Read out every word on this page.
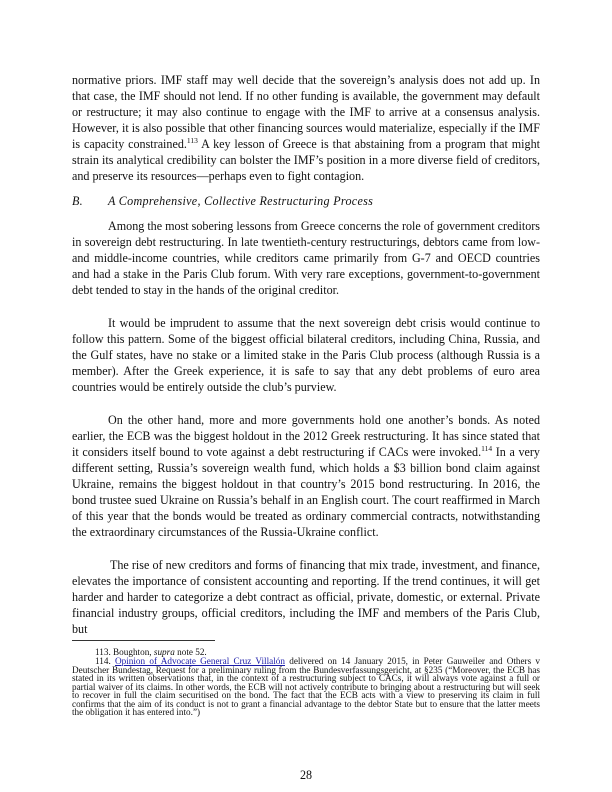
normative priors. IMF staff may well decide that the sovereign’s analysis does not add up. In that case, the IMF should not lend. If no other funding is available, the government may default or restructure; it may also continue to engage with the IMF to arrive at a consensus analysis. However, it is also possible that other financing sources would materialize, especially if the IMF is capacity constrained.$^{113}$ A key lesson of Greece is that abstaining from a program that might strain its analytical credibility can bolster the IMF’s position in a more diverse field of creditors, and preserve its resources—perhaps even to fight contagion.

B. A Comprehensive, Collective Restructuring Process

Among the most sobering lessons from Greece concerns the role of government creditors in sovereign debt restructuring. In late twentieth-century restructurings, debtors came from low- and middle-income countries, while creditors came primarily from G-7 and OECD countries and had a stake in the Paris Club forum. With very rare exceptions, government-to-government debt tended to stay in the hands of the original creditor.

It would be imprudent to assume that the next sovereign debt crisis would continue to follow this pattern. Some of the biggest official bilateral creditors, including China, Russia, and the Gulf states, have no stake or a limited stake in the Paris Club process (although Russia is a member). After the Greek experience, it is safe to say that any debt problems of euro area countries would be entirely outside the club’s purview.

On the other hand, more and more governments hold one another’s bonds. As noted earlier, the ECB was the biggest holdout in the 2012 Greek restructuring. It has since stated that it considers itself bound to vote against a debt restructuring if CACs were invoked.$^{114}$ In a very different setting, Russia’s sovereign wealth fund, which holds a $3 billion bond claim against Ukraine, remains the biggest holdout in that country’s 2015 bond restructuring. In 2016, the bond trustee sued Ukraine on Russia’s behalf in an English court. The court reaffirmed in March of this year that the bonds would be treated as ordinary commercial contracts, notwithstanding the extraordinary circumstances of the Russia-Ukraine conflict.

The rise of new creditors and forms of financing that mix trade, investment, and finance, elevates the importance of consistent accounting and reporting. If the trend continues, it will get harder and harder to categorize a debt contract as official, private, domestic, or external. Private financial industry groups, official creditors, including the IMF and members of the Paris Club, but

113. Boughton, supra note 52.

114. Opinion of Advocate General Cruz Villalón delivered on 14 January 2015, in Peter Gauweiler and Others v Deutscher Bundestag, Request for a preliminary ruling from the Bundesverfassungsgericht, at §235 (“Moreover, the ECB has stated in its written observations that, in the context of a restructuring subject to CACs, it will always vote against a full or partial waiver of its claims. In other words, the ECB will not actively contribute to bringing about a restructuring but will seek to recover in full the claim securitised on the bond. The fact that the ECB acts with a view to preserving its claim in full confirms that the aim of its conduct is not to grant a financial advantage to the debtor State but to ensure that the latter meets the obligation it has entered into.”)

28
